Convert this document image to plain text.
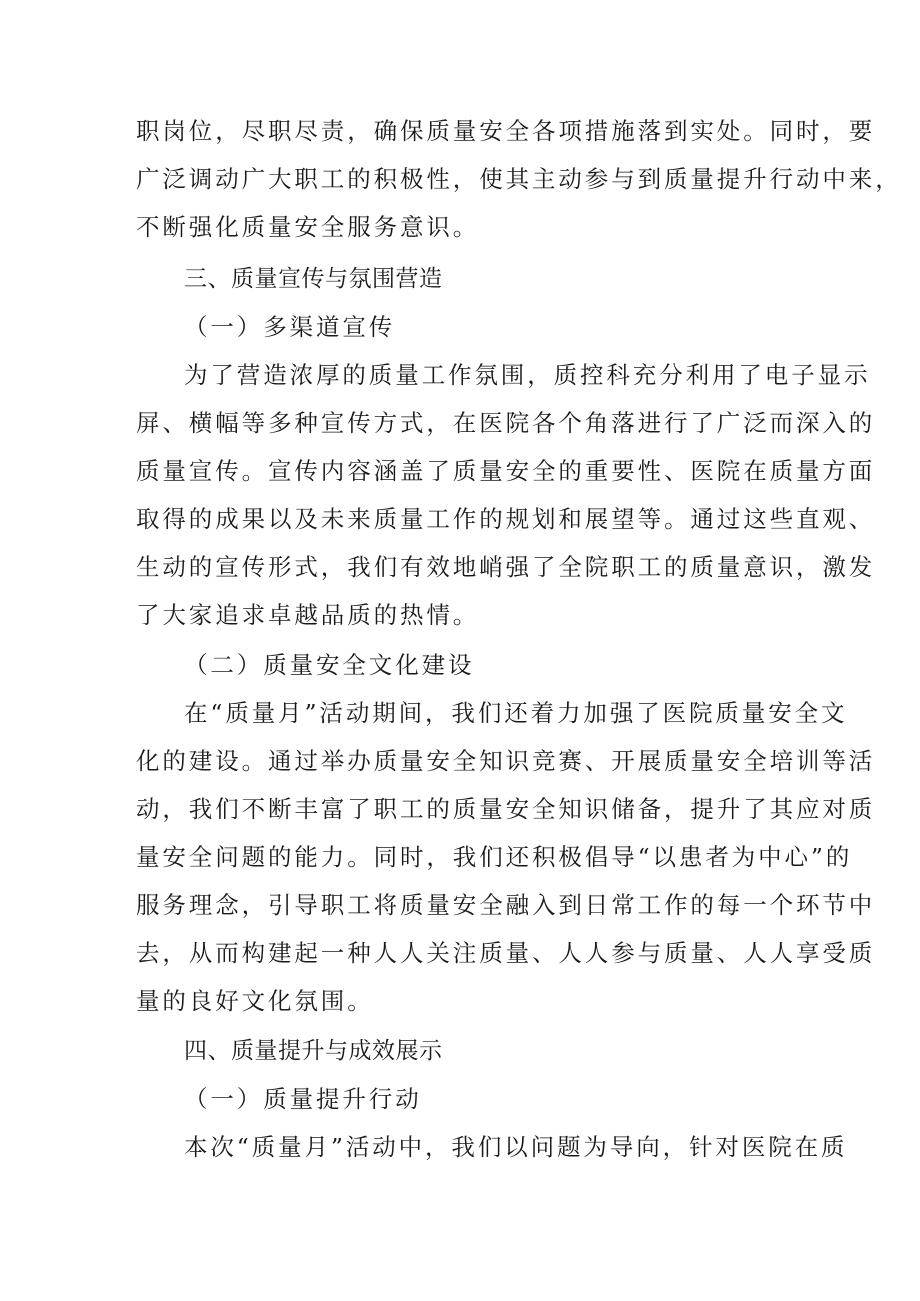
职岗位，尽职尽责，确保质量安全各项措施落到实处。同时，要
广泛调动广大职工的积极性，使其主动参与到质量提升行动中来，
不断强化质量安全服务意识。
三、质量宣传与氛围营造
（一）多渠道宣传
为了营造浓厚的质量工作氛围，质控科充分利用了电子显示
屏、横幅等多种宣传方式，在医院各个角落进行了广泛而深入的
质量宣传。宣传内容涵盖了质量安全的重要性、医院在质量方面
取得的成果以及未来质量工作的规划和展望等。通过这些直观、
生动的宣传形式，我们有效地峭强了全院职工的质量意识，激发
了大家追求卓越品质的热情。
（二）质量安全文化建设
在“质量月”活动期间，我们还着力加强了医院质量安全文
化的建设。通过举办质量安全知识竞赛、开展质量安全培训等活
动，我们不断丰富了职工的质量安全知识储备，提升了其应对质
量安全问题的能力。同时，我们还积极倡导“以患者为中心”的
服务理念，引导职工将质量安全融入到日常工作的每一个环节中
去，从而构建起一种人人关注质量、人人参与质量、人人享受质
量的良好文化氛围。
四、质量提升与成效展示
（一）质量提升行动
本次“质量月”活动中，我们以问题为导向，针对医院在质
